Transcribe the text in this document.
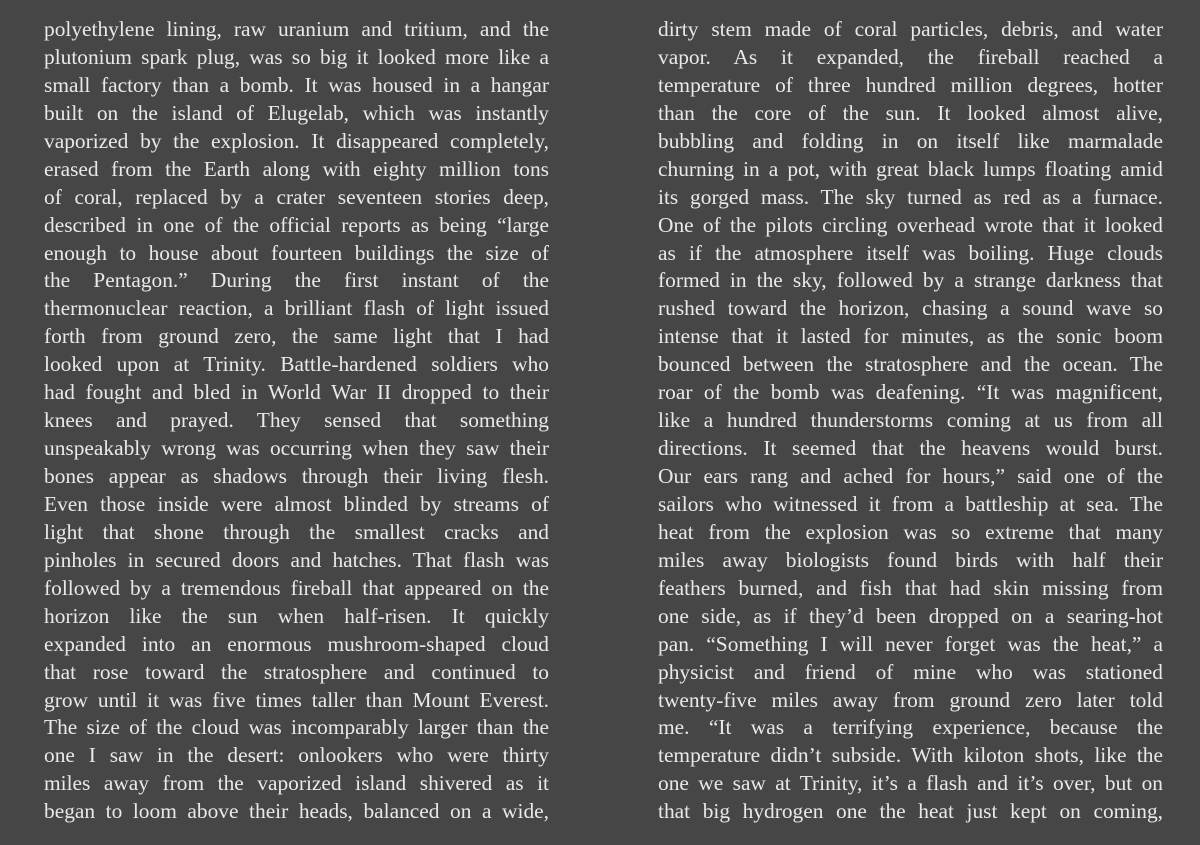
polyethylene lining, raw uranium and tritium, and the
plutonium spark plug, was so big it looked more like a
small factory than a bomb. It was housed in a hangar
built on the island of Elugelab, which was instantly
vaporized by the explosion. It disappeared completely,
erased from the Earth along with eighty million tons
of coral, replaced by a crater seventeen stories deep,
described in one of the official reports as being “large
enough to house about fourteen buildings the size of
the Pentagon.” During the first instant of the
thermonuclear reaction, a brilliant flash of light issued
forth from ground zero, the same light that I had
looked upon at Trinity. Battle-hardened soldiers who
had fought and bled in World War II dropped to their
knees and prayed. They sensed that something
unspeakably wrong was occurring when they saw their
bones appear as shadows through their living flesh.
Even those inside were almost blinded by streams of
light that shone through the smallest cracks and
pinholes in secured doors and hatches. That flash was
followed by a tremendous fireball that appeared on the
horizon like the sun when half-risen. It quickly
expanded into an enormous mushroom-shaped cloud
that rose toward the stratosphere and continued to
grow until it was five times taller than Mount Everest.
The size of the cloud was incomparably larger than the
one I saw in the desert: onlookers who were thirty
miles away from the vaporized island shivered as it
began to loom above their heads, balanced on a wide,
dirty stem made of coral particles, debris, and water
vapor. As it expanded, the fireball reached a
temperature of three hundred million degrees, hotter
than the core of the sun. It looked almost alive,
bubbling and folding in on itself like marmalade
churning in a pot, with great black lumps floating amid
its gorged mass. The sky turned as red as a furnace.
One of the pilots circling overhead wrote that it looked
as if the atmosphere itself was boiling. Huge clouds
formed in the sky, followed by a strange darkness that
rushed toward the horizon, chasing a sound wave so
intense that it lasted for minutes, as the sonic boom
bounced between the stratosphere and the ocean. The
roar of the bomb was deafening. “It was magnificent,
like a hundred thunderstorms coming at us from all
directions. It seemed that the heavens would burst.
Our ears rang and ached for hours,” said one of the
sailors who witnessed it from a battleship at sea. The
heat from the explosion was so extreme that many
miles away biologists found birds with half their
feathers burned, and fish that had skin missing from
one side, as if they’d been dropped on a searing-hot
pan. “Something I will never forget was the heat,” a
physicist and friend of mine who was stationed
twenty-five miles away from ground zero later told
me. “It was a terrifying experience, because the
temperature didn’t subside. With kiloton shots, like the
one we saw at Trinity, it’s a flash and it’s over, but on
that big hydrogen one the heat just kept on coming,
